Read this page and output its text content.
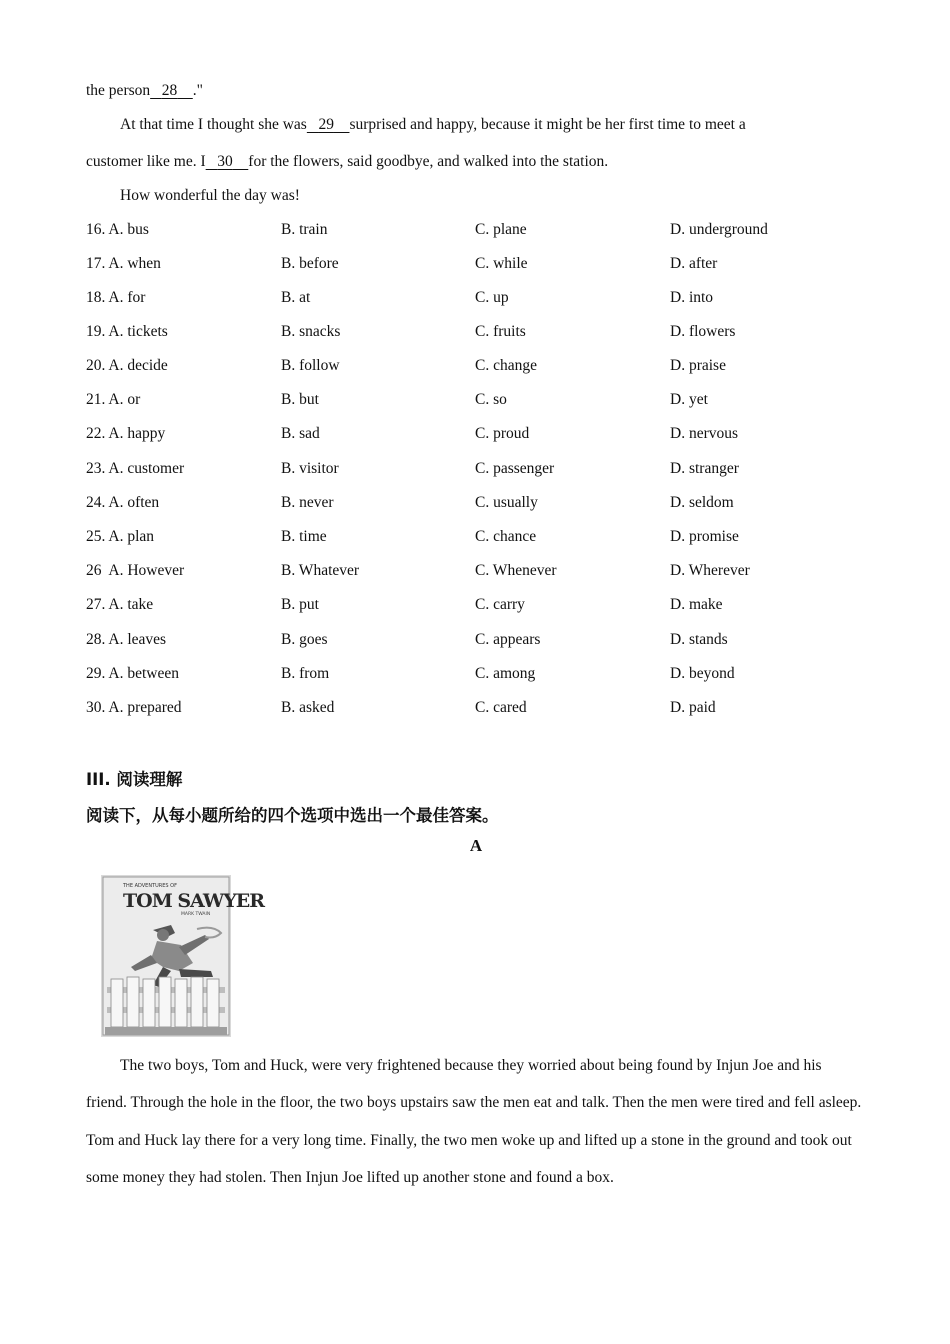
the person 28 ."
At that time I thought she was 29 surprised and happy, because it might be her first time to meet a
customer like me. I 30 for the flowers, said goodbye, and walked into the station.
How wonderful the day was!
16. A. bus	B. train	C. plane	D. underground
17. A. when	B. before	C. while	D. after
18. A. for	B. at	C. up	D. into
19. A. tickets	B. snacks	C. fruits	D. flowers
20. A. decide	B. follow	C. change	D. praise
21. A. or	B. but	C. so	D. yet
22. A. happy	B. sad	C. proud	D. nervous
23. A. customer	B. visitor	C. passenger	D. stranger
24. A. often	B. never	C. usually	D. seldom
25. A. plan	B. time	C. chance	D. promise
26  A. However	B. Whatever	C. Whenever	D. Wherever
27. A. take	B. put	C. carry	D. make
28. A. leaves	B. goes	C. appears	D. stands
29. A. between	B. from	C. among	D. beyond
30. A. prepared	B. asked	C. cared	D. paid
III. 阅读理解
阅读下，从每小题所给的四个选项中选出一个最佳答案。
A
The two boys, Tom and Huck, were very frightened because they worried about being found by Injun Joe and his friend. Through the hole in the floor, the two boys upstairs saw the men eat and talk. Then the men were tired and fell asleep. Tom and Huck lay there for a very long time. Finally, the two men woke up and lifted up a stone in the ground and took out some money they had stolen. Then Injun Joe lifted up another stone and found a box.
THE ADVENTURES OF
TOM SAWYER
MARK TWAIN
